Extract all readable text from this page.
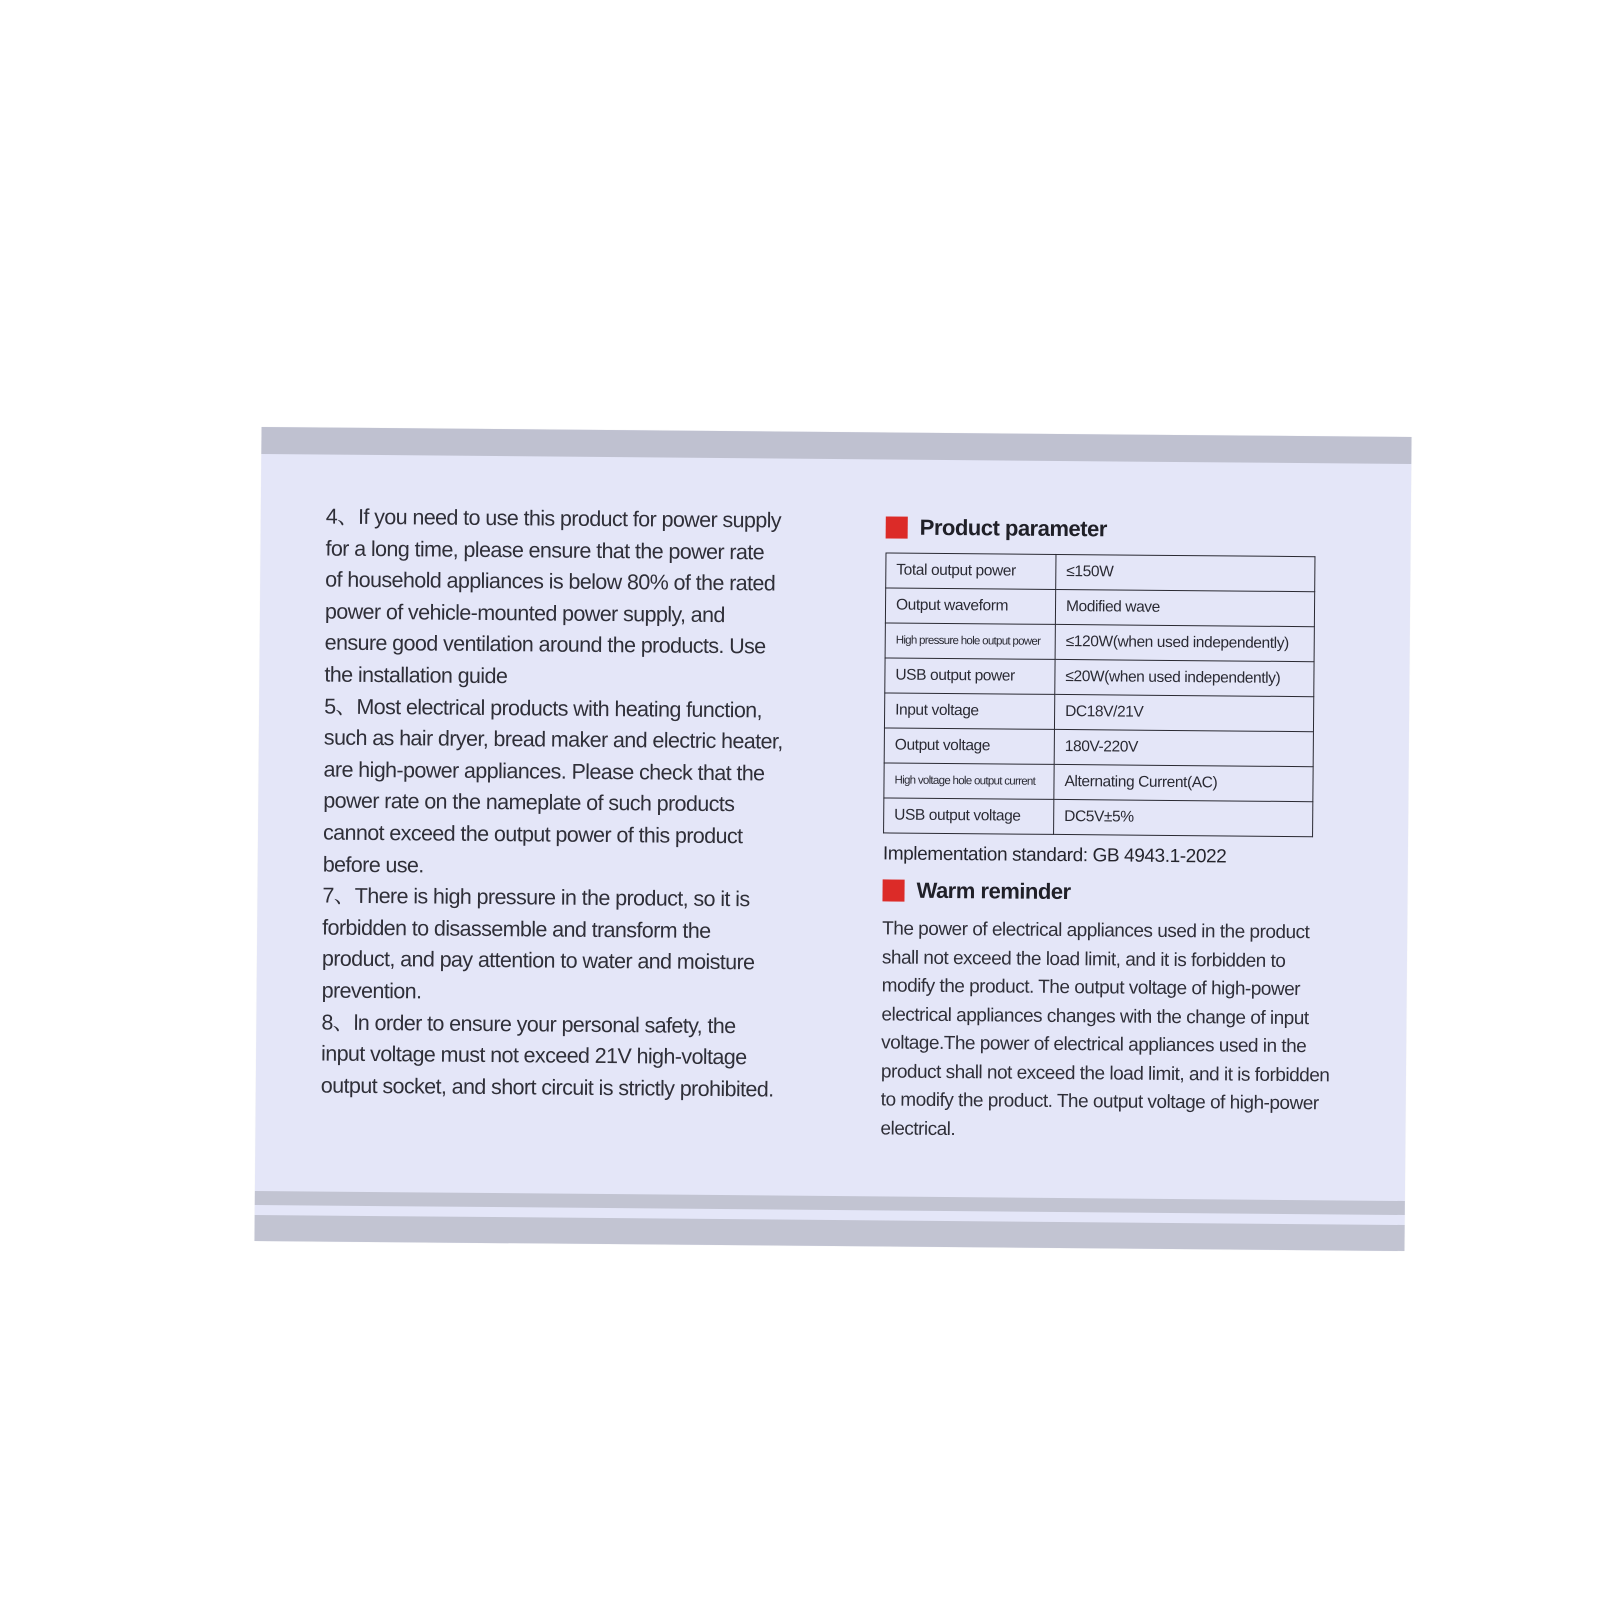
4、If you need to use this product for power supply for a long time, please ensure that the power rate of household appliances is below 80% of the rated power of vehicle-mounted power supply, and ensure good ventilation around the products. Use the installation guide

5、Most electrical products with heating function, such as hair dryer, bread maker and electric heater, are high-power appliances. Please check that the power rate on the nameplate of such products cannot exceed the output power of this product before use.

7、There is high pressure in the product, so it is forbidden to disassemble and transform the product, and pay attention to water and moisture prevention.

8、ln order to ensure your personal safety, the input voltage must not exceed 21V high-voltage output socket, and short circuit is strictly prohibited.

Product parameter
Total output power	≤150W
Output waveform	Modified wave
High pressure hole output power	≤120W(when used independently)
USB output power	≤20W(when used independently)
Input voltage	DC18V/21V
Output voltage	180V-220V
High voltage hole output current	Alternating Current(AC)
USB output voltage	DC5V±5%
Implementation standard: GB 4943.1-2022
Warm reminder
The power of electrical appliances used in the product shall not exceed the load limit, and it is forbidden to modify the product. The output voltage of high-power electrical appliances changes with the change of input voltage.The power of electrical appliances used in the product shall not exceed the load limit, and it is forbidden to modify the product. The output voltage of high-power electrical.
